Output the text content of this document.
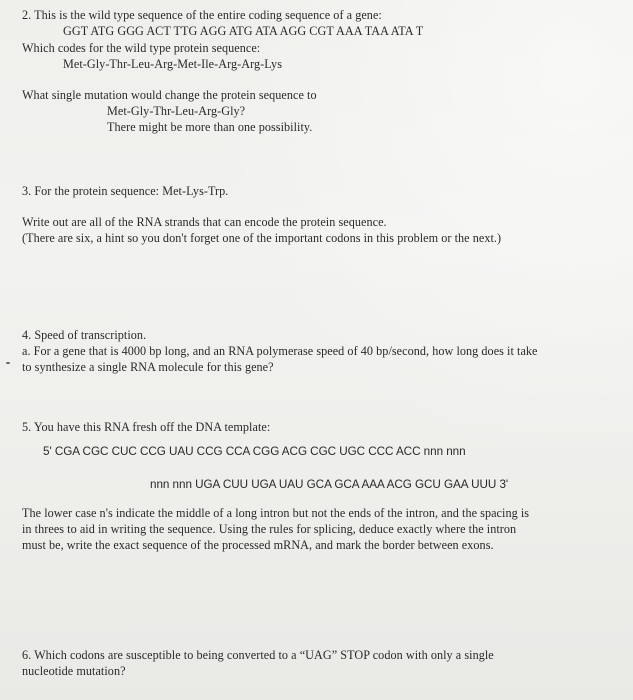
2. This is the wild type sequence of the entire coding sequence of a gene:
GGT ATG GGG ACT TTG AGG ATG ATA AGG CGT AAA TAA ATA T
Which codes for the wild type protein sequence:
Met-Gly-Thr-Leu-Arg-Met-Ile-Arg-Arg-Lys
What single mutation would change the protein sequence to
Met-Gly-Thr-Leu-Arg-Gly?
There might be more than one possibility.
3. For the protein sequence: Met-Lys-Trp.
Write out are all of the RNA strands that can encode the protein sequence.
(There are six, a hint so you don't forget one of the important codons in this problem or the next.)
4. Speed of transcription.
a. For a gene that is 4000 bp long, and an RNA polymerase speed of 40 bp/second, how long does it take
to synthesize a single RNA molecule for this gene?
5. You have this RNA fresh off the DNA template:
5' CGA CGC CUC CCG UAU CCG CCA CGG ACG CGC UGC CCC ACC nnn nnn
nnn nnn UGA CUU UGA UAU GCA GCA AAA ACG GCU GAA UUU 3'
The lower case n's indicate the middle of a long intron but not the ends of the intron, and the spacing is
in threes to aid in writing the sequence. Using the rules for splicing, deduce exactly where the intron
must be, write the exact sequence of the processed mRNA, and mark the border between exons.
6. Which codons are susceptible to being converted to a “UAG” STOP codon with only a single
nucleotide mutation?
